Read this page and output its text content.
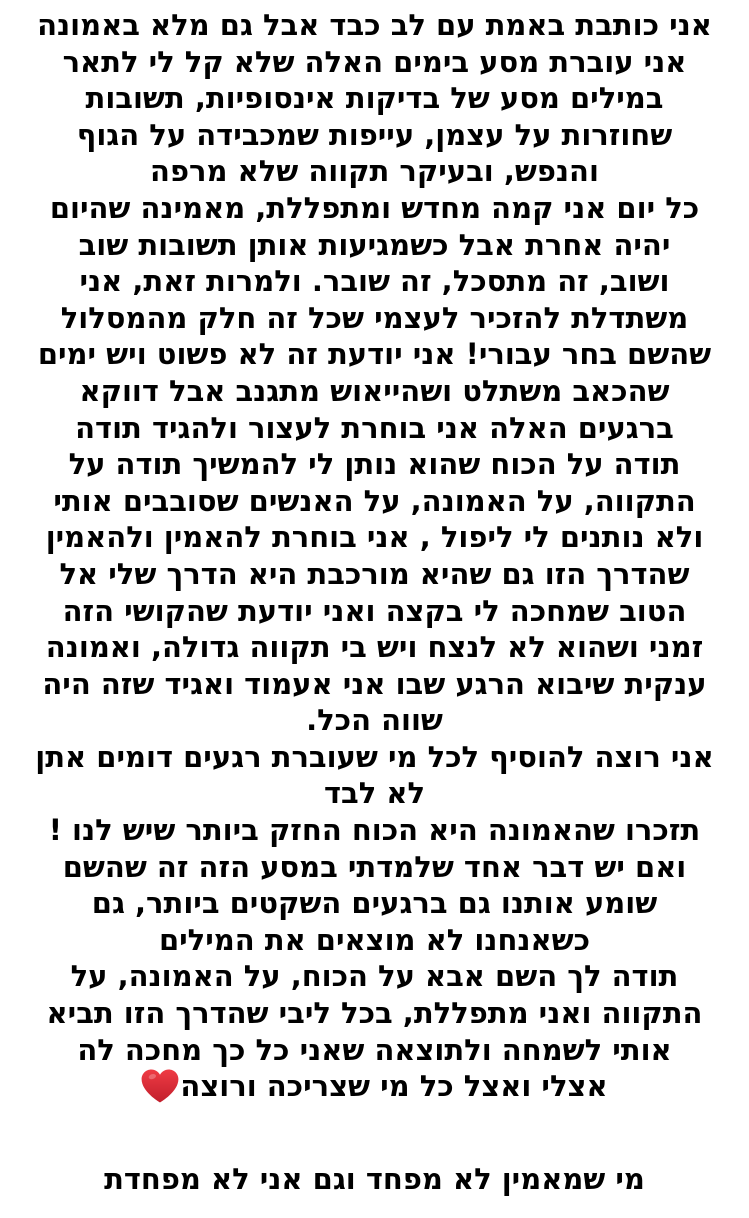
אני כותבת באמת עם לב כבד אבל גם מלא באמונה
אני עוברת מסע בימים האלה שלא קל לי לתאר
במילים מסע של בדיקות אינסופיות, תשובות
שחוזרות על עצמן, עייפות שמכבידה על הגוף
והנפש, ובעיקר תקווה שלא מרפה
כל יום אני קמה מחדש ומתפללת, מאמינה שהיום
יהיה אחרת אבל כשמגיעות אותן תשובות שוב
ושוב, זה מתסכל, זה שובר. ולמרות זאת, אני
משתדלת להזכיר לעצמי שכל זה חלק מהמסלול
שהשם בחר עבורי! אני יודעת זה לא פשוט ויש ימים
שהכאב משתלט ושהייאוש מתגנב אבל דווקא
ברגעים האלה אני בוחרת לעצור ולהגיד תודה
תודה על הכוח שהוא נותן לי להמשיך תודה על
התקווה, על האמונה, על האנשים שסובבים אותי
ולא נותנים לי ליפול , אני בוחרת להאמין ולהאמין
שהדרך הזו גם שהיא מורכבת היא הדרך שלי אל
הטוב שמחכה לי בקצה ואני יודעת שהקושי הזה
זמני ושהוא לא לנצח ויש בי תקווה גדולה, ואמונה
ענקית שיבוא הרגע שבו אני אעמוד ואגיד שזה היה
שווה הכל.
אני רוצה להוסיף לכל מי שעוברת רגעים דומים אתן
לא לבד
תזכרו שהאמונה היא הכוח החזק ביותר שיש לנו !
ואם יש דבר אחד שלמדתי במסע הזה זה שהשם
שומע אותנו גם ברגעים השקטים ביותר, גם
כשאנחנו לא מוצאים את המילים
תודה לך השם אבא על הכוח, על האמונה, על
התקווה ואני מתפללת, בכל ליבי שהדרך הזו תביא
אותי לשמחה ולתוצאה שאני כל כך מחכה לה
אצלי ואצל כל מי שצריכה ורוצה
מי שמאמין לא מפחד וגם אני לא מפחדת
